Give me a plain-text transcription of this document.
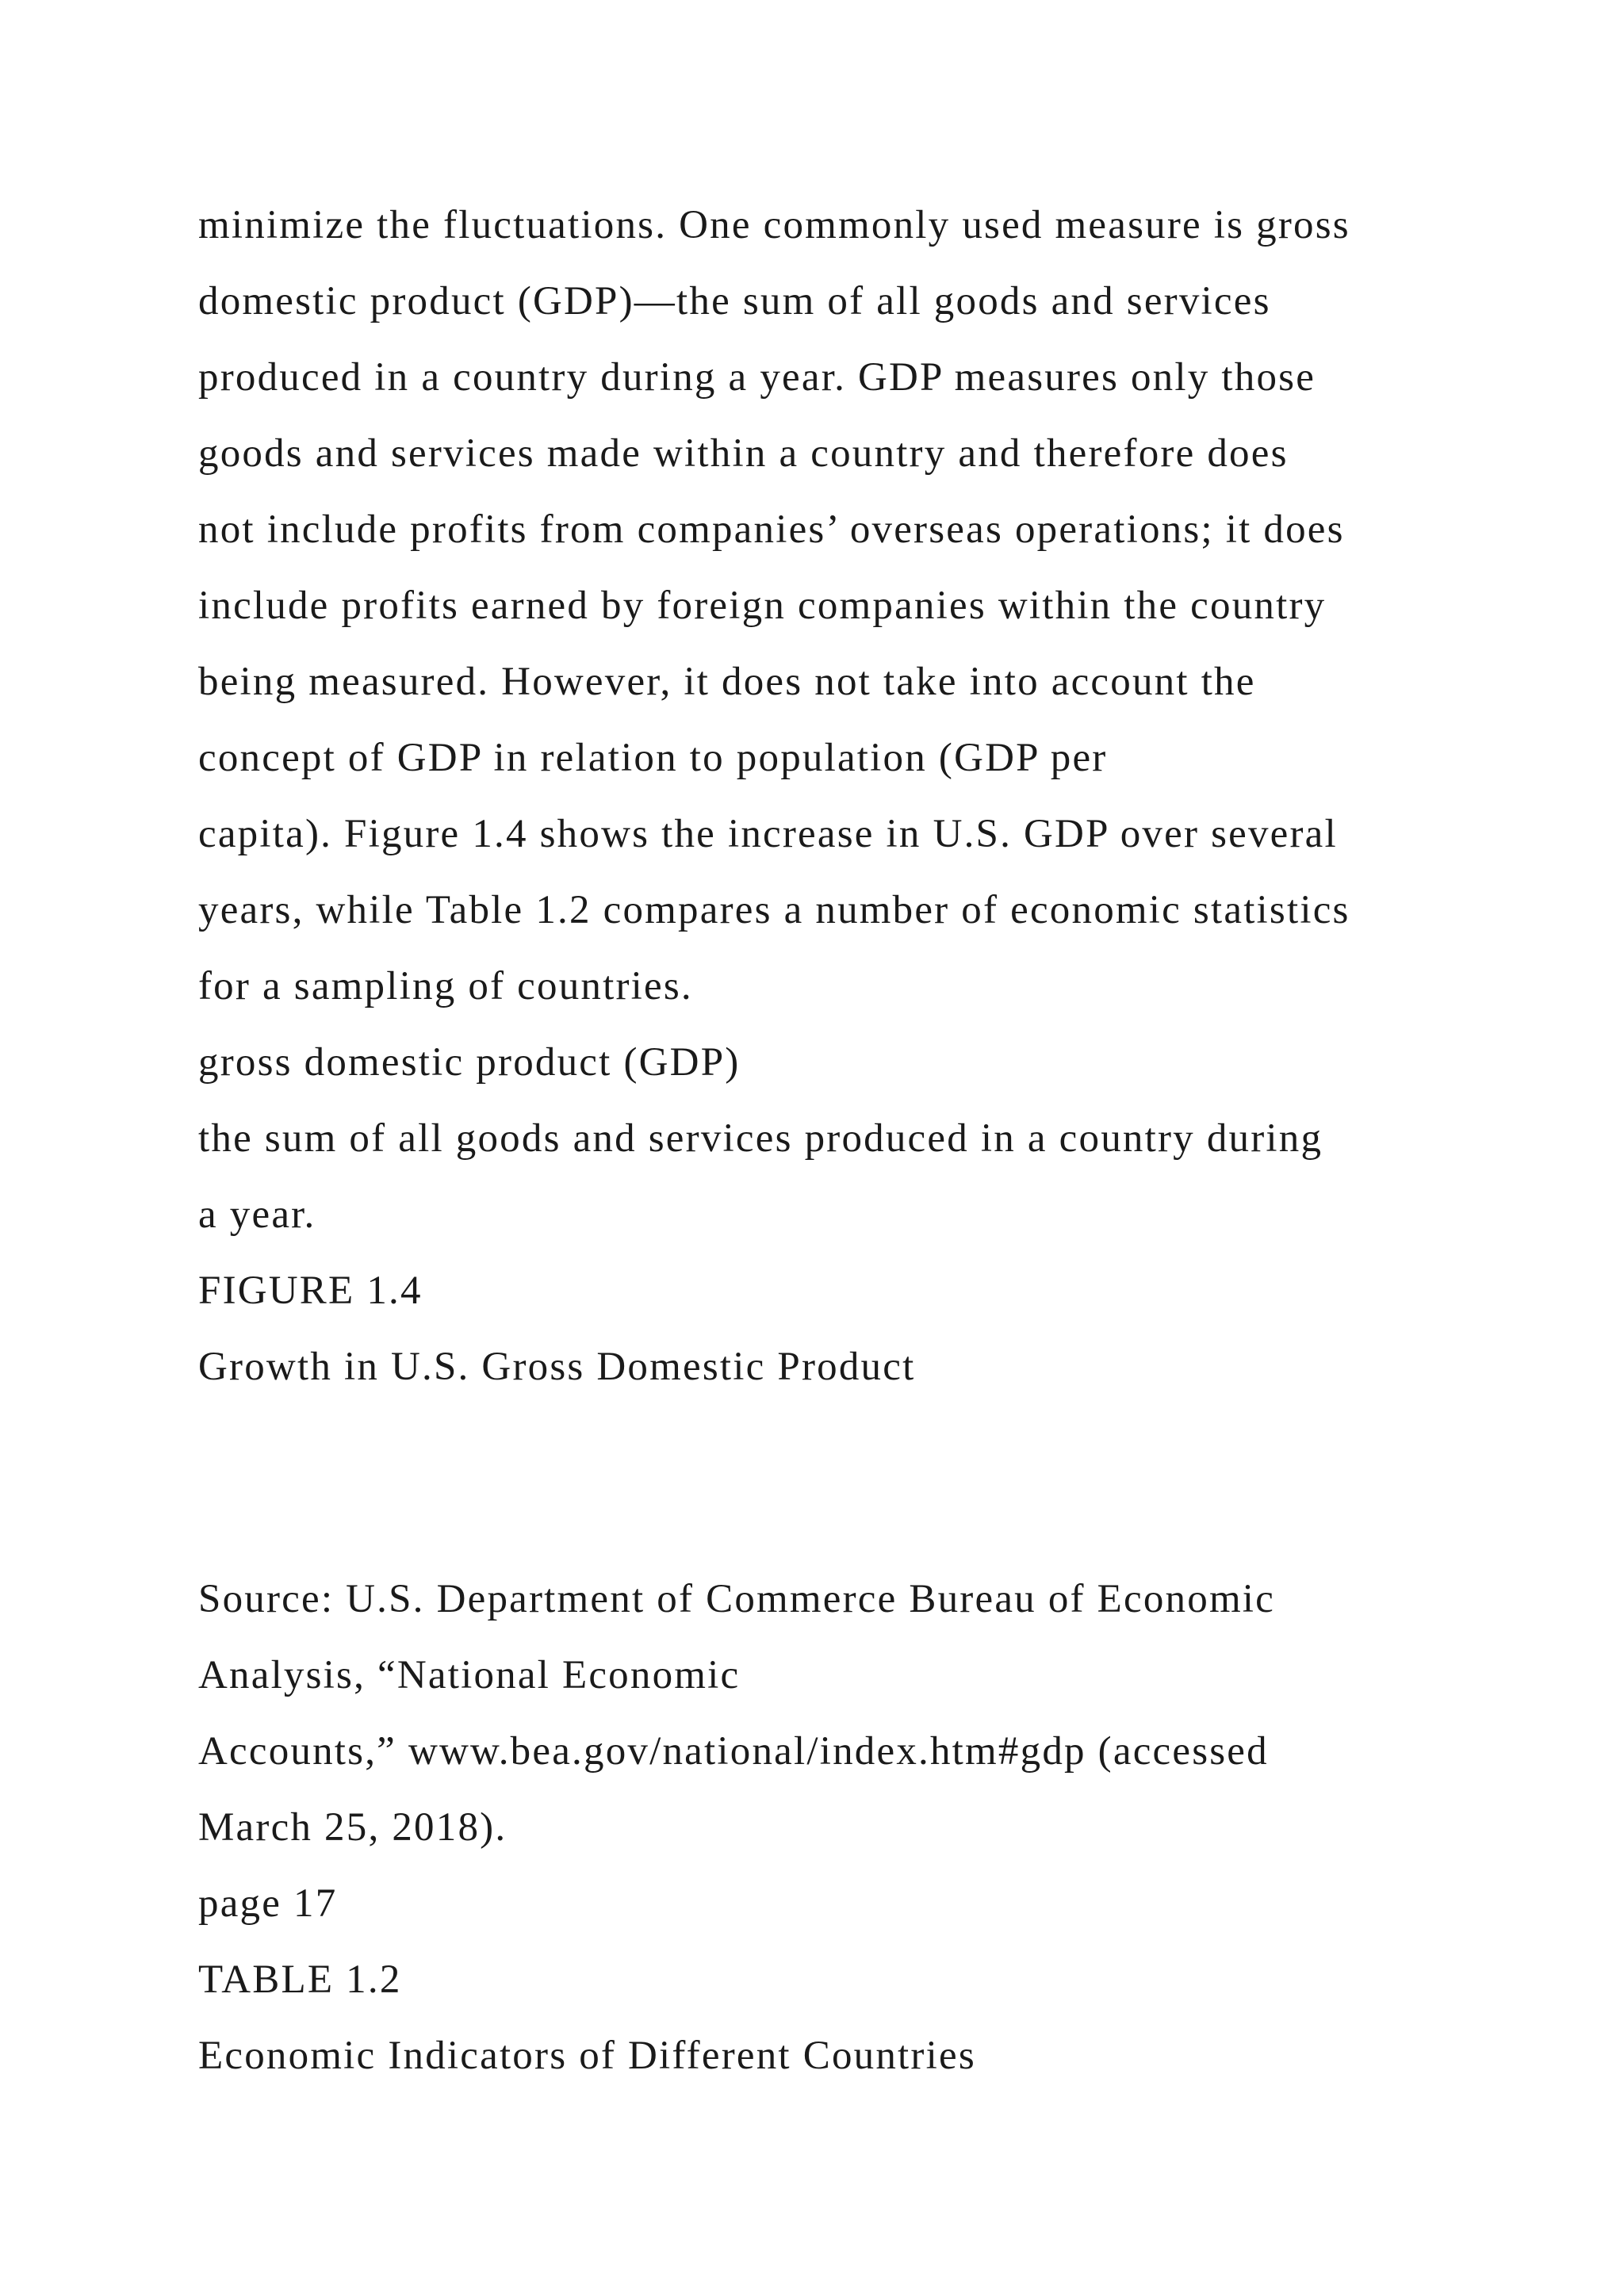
minimize the fluctuations. One commonly used measure is gross

domestic product (GDP)—the sum of all goods and services

produced in a country during a year. GDP measures only those

goods and services made within a country and therefore does

not include profits from companies’ overseas operations; it does

include profits earned by foreign companies within the country

being measured. However, it does not take into account the

concept of GDP in relation to population (GDP per

capita). Figure 1.4 shows the increase in U.S. GDP over several

years, while Table 1.2 compares a number of economic statistics

for a sampling of countries.

gross domestic product (GDP)

the sum of all goods and services produced in a country during

a year.

FIGURE 1.4

Growth in U.S. Gross Domestic Product

Source: U.S. Department of Commerce Bureau of Economic

Analysis, “National Economic

Accounts,” www.bea.gov/national/index.htm#gdp (accessed

March 25, 2018).

page 17

TABLE 1.2

Economic Indicators of Different Countries
